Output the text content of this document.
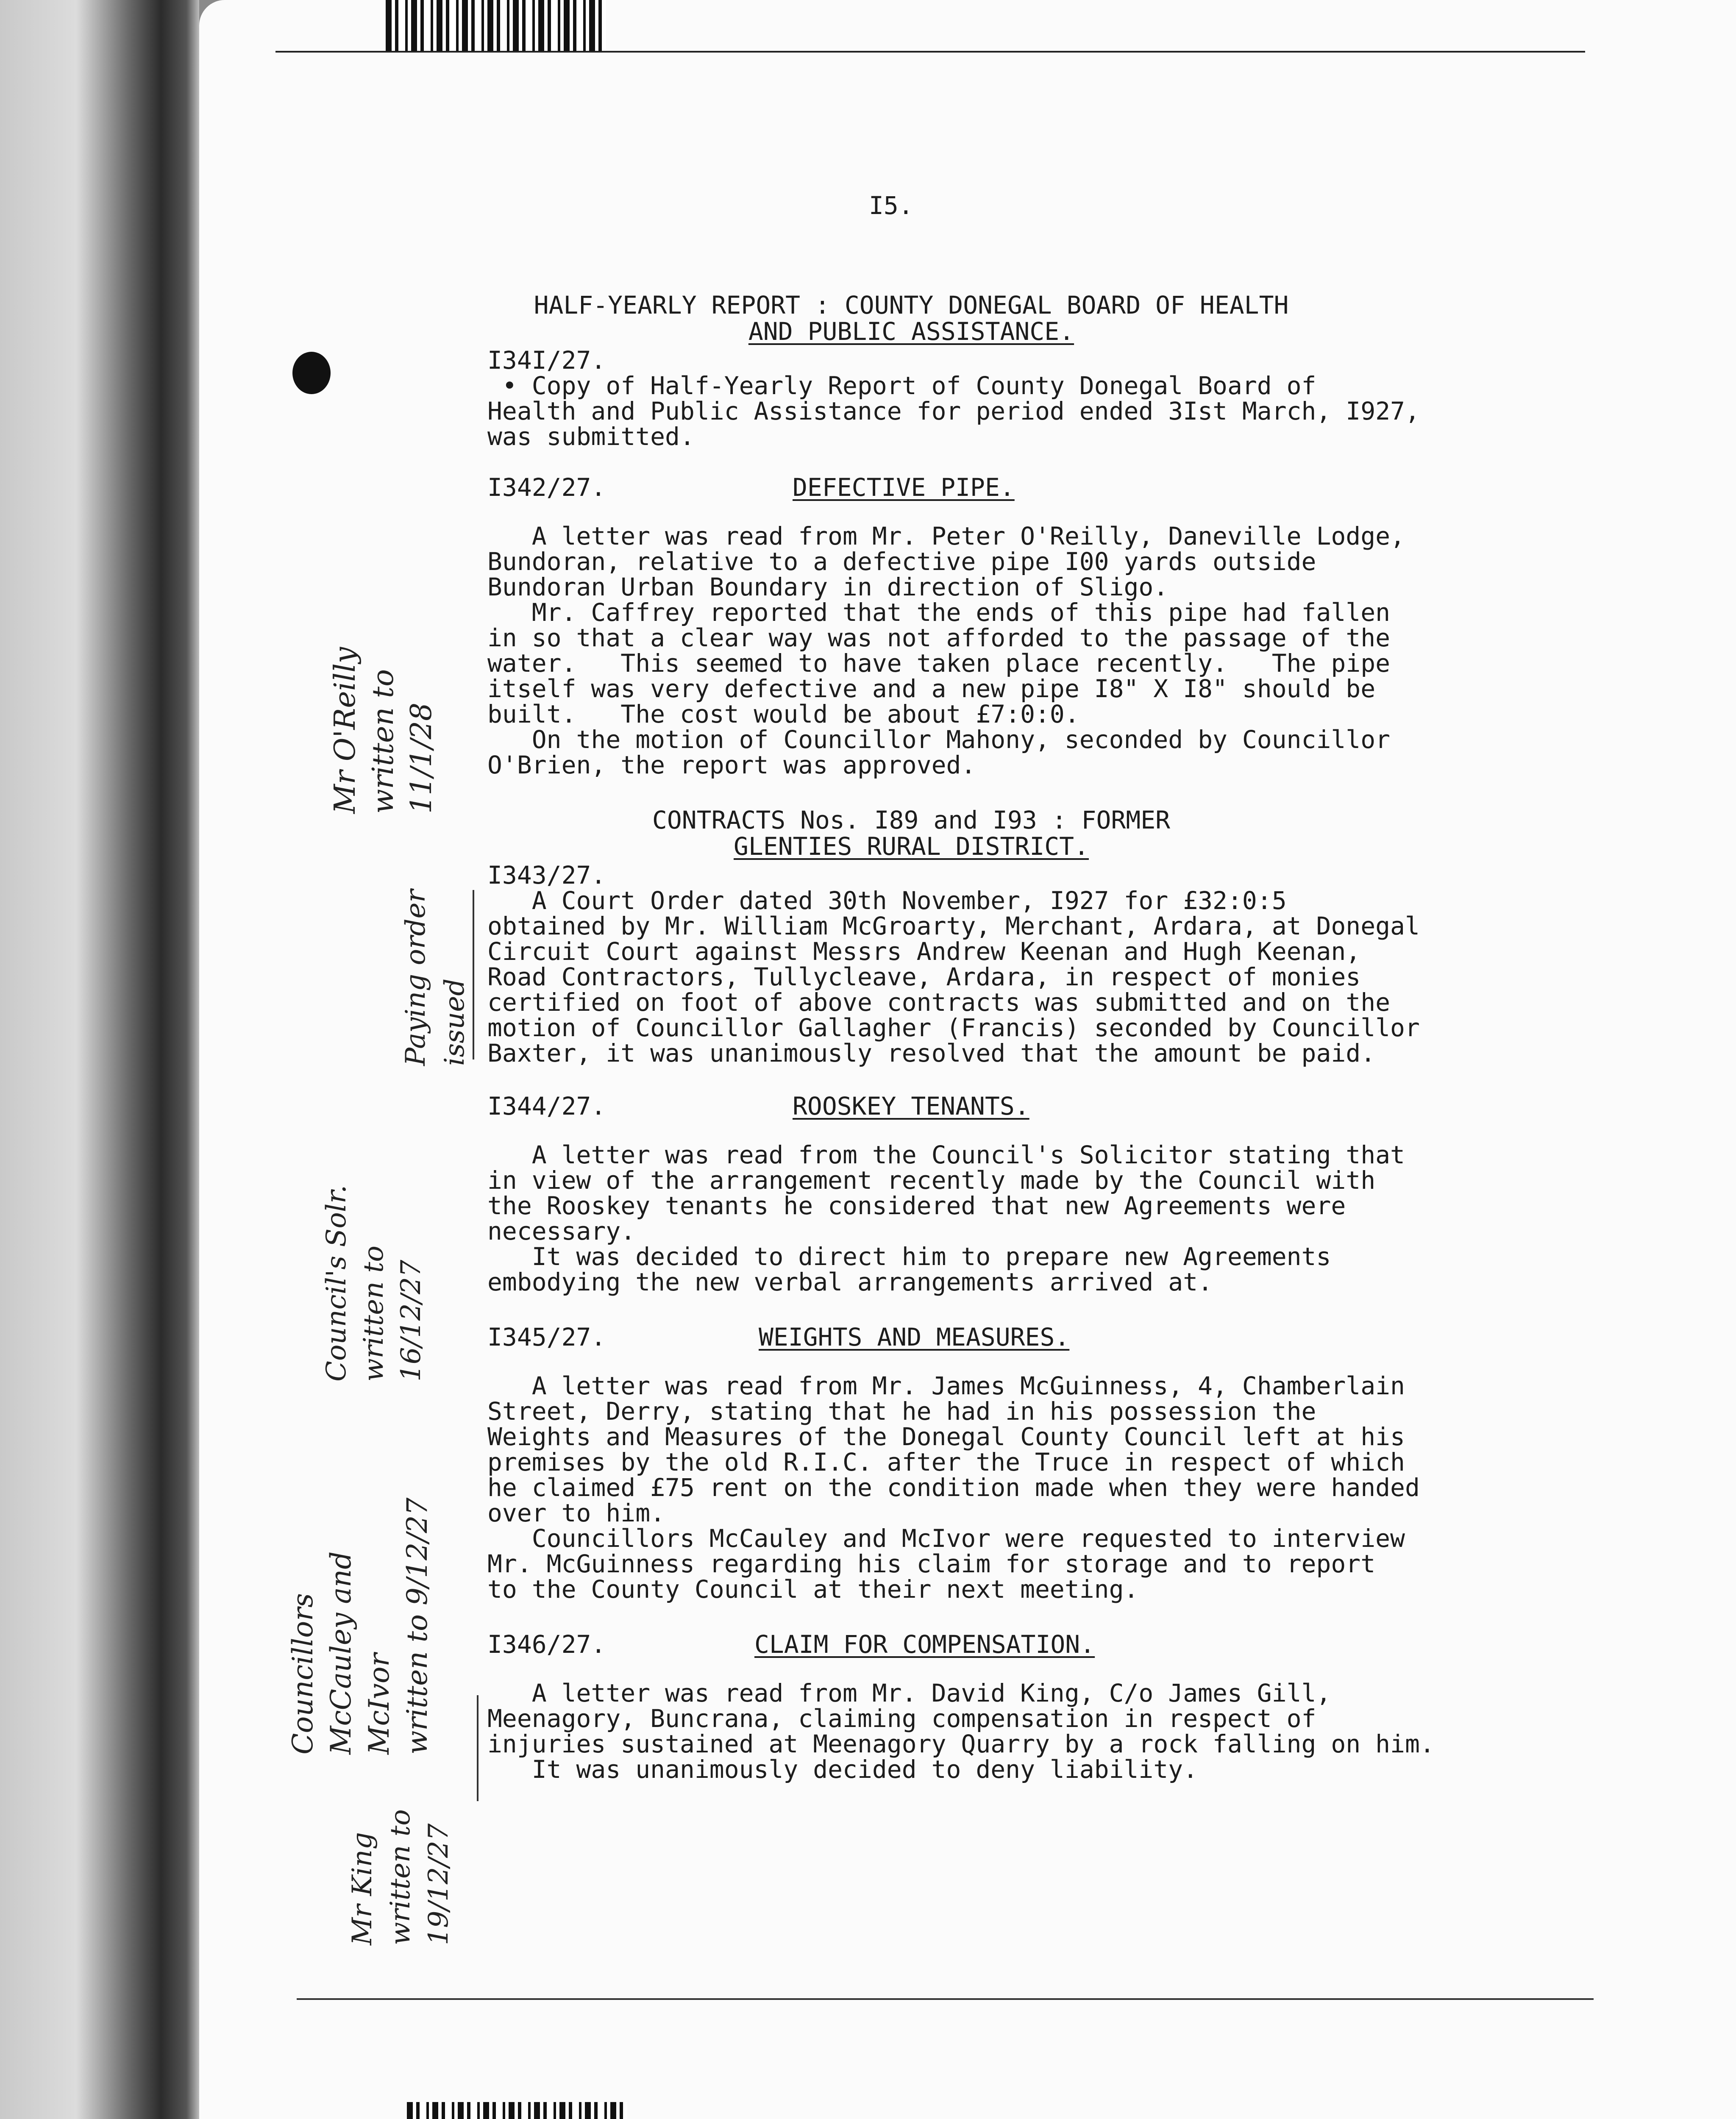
I5.

HALF-YEARLY REPORT : COUNTY DONEGAL BOARD OF HEALTH
AND PUBLIC ASSISTANCE.

I34I/27.

• Copy of Half-Yearly Report of County Donegal Board of
Health and Public Assistance for period ended 3Ist March, I927,
was submitted.

I342/27.	DEFECTIVE PIPE.

A letter was read from Mr. Peter O'Reilly, Daneville Lodge,
Bundoran, relative to a defective pipe I00 yards outside
Bundoran Urban Boundary in direction of Sligo.
Mr. Caffrey reported that the ends of this pipe had fallen
in so that a clear way was not afforded to the passage of the
water.   This seemed to have taken place recently.   The pipe
itself was very defective and a new pipe I8" X I8" should be
built.   The cost would be about £7:0:0.
On the motion of Councillor Mahony, seconded by Councillor
O'Brien, the report was approved.

CONTRACTS Nos. I89 and I93 : FORMER
GLENTIES RURAL DISTRICT.

I343/27.

A Court Order dated 30th November, I927 for £32:0:5
obtained by Mr. William McGroarty, Merchant, Ardara, at Donegal
Circuit Court against Messrs Andrew Keenan and Hugh Keenan,
Road Contractors, Tullycleave, Ardara, in respect of monies
certified on foot of above contracts was submitted and on the
motion of Councillor Gallagher (Francis) seconded by Councillor
Baxter, it was unanimously resolved that the amount be paid.

I344/27.	ROOSKEY TENANTS.

A letter was read from the Council's Solicitor stating that
in view of the arrangement recently made by the Council with
the Rooskey tenants he considered that new Agreements were
necessary.
It was decided to direct him to prepare new Agreements
embodying the new verbal arrangements arrived at.

I345/27.	WEIGHTS AND MEASURES.

A letter was read from Mr. James McGuinness, 4, Chamberlain
Street, Derry, stating that he had in his possession the
Weights and Measures of the Donegal County Council left at his
premises by the old R.I.C. after the Truce in respect of which
he claimed £75 rent on the condition made when they were handed
over to him.
Councillors McCauley and McIvor were requested to interview
Mr. McGuinness regarding his claim for storage and to report
to the County Council at their next meeting.

I346/27.	CLAIM FOR COMPENSATION.

A letter was read from Mr. David King, C/o James Gill,
Meenagory, Buncrana, claiming compensation in respect of
injuries sustained at Meenagory Quarry by a rock falling on him.
It was unanimously decided to deny liability.

Mr O'Reilly
written to
11/1/28

Paying order
issued

Council's Solr.
written to
16/12/27

Councillors
McCauley and
McIvor
written to 9/12/27

Mr King
written to
19/12/27
